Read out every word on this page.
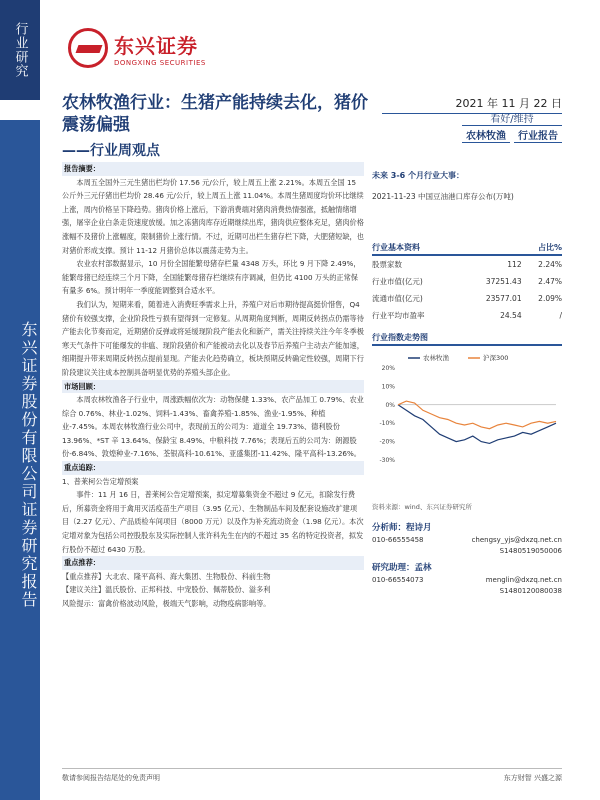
行业研究
东兴证券股份有限公司证券研究报告
东兴证券
DONGXING SECURITIES
农林牧渔行业：生猪产能持续去化，猪价震荡偏强
——行业周观点
2021 年 11 月 22 日
看好/维持
农林牧渔	行业报告
报告摘要：

本周五全国外三元生猪出栏均价 17.56 元/公斤，较上周五上涨 2.21%。本周五全国 15 公斤外三元仔猪出栏均价 28.46 元/公斤，较上周五上涨 11.04%。本周生猪周度均价环比继续上涨，周内价格呈下降趋势。猪肉价格上涨后，下游消费端对猪肉消费热情强涨，抵触情绪增强，屠宰企业白条走货速度放缓。加之冻猪肉库存近期继续出库，猪肉供应整体充足，猪肉价格涨幅不及猪价上涨幅度，限制猪价上涨行情。不过，近期可出栏生猪存栏下降，大肥猪短缺，也对猪价形成支撑。预计 11-12 月猪价总体以震荡走势为主。

农业农村部数据显示，10 月份全国能繁母猪存栏量 4348 万头，环比 9 月下降 2.49%，能繁母猪已经连续三个月下降，全国能繁母猪存栏继续有序调减，但仍比 4100 万头的正常保有量多 6%。预计明年一季度能调整到合适水平。

我们认为，短期来看，随着进入消费旺季需求上升，养殖户对后市期待提高挺价惜售，Q4 猪价有较强支撑，企业阶段性亏损有望得到一定修复。从周期角度判断，周期反转拐点仍需等待产能去化节奏而定，近期猪价反弹或将延缓现阶段产能去化和新产，需关注持续关注今年冬季极寒天气条件下可能爆发的非瘟、现阶段猪价和产能被动去化以及春节后养殖户主动去产能加速，细期提升带来周期反转拐点提前显现。产能去化趋势确立，板块预期反转确定性较强，周期下行阶段建议关注成本控制具备明显优势的养殖头部企业。

市场回顾：

本周农林牧渔各子行业中，周涨跌幅依次为：动物保健 1.33%、农产品加工 0.79%、农业综合 0.76%、林业-1.02%、饲料-1.43%、畜禽养殖-1.85%、渔业-1.95%、种植业-7.45%。本周农林牧渔行业公司中，表现前五的公司为：道道全 19.73%、德利股份 13.96%、*ST 辛 13.64%、保龄宝 8.49%、中粮科技 7.76%；表现后五的公司为：朗源股份-6.84%、敦煌种业-7.16%、荃银高科-10.61%、亚盛集团-11.42%、隆平高科-13.26%。

重点追踪：
1、普莱柯公告定增预案

事件：11 月 16 日，普莱柯公告定增预案，拟定增募集资金不超过 9 亿元，扣除发行费后，所募资金将用于禽用灭活疫苗生产项目（3.95 亿元）、生物制品车间及配套设施改扩建项目（2.27 亿元）、产品质检车间项目（8000 万元）以及作为补充流动资金（1.98 亿元）。本次定增对象为包括公司控股股东及实际控制人张许科先生在内的不超过 35 名的特定投资者，拟发行股份不超过 6430 万股。

重点推荐：
【重点推荐】大北农、隆平高科、海大集团、生物股份、科前生物
【建议关注】温氏股份、正邦科技、中宠股份、佩蒂股份、溢多利
风险提示：富禽价格波动风险，极端天气影响，动物疫病影响等。
未来 3-6 个月行业大事：
2021-11-23 中国豆油港口库存公布(万吨)
行业基本资料	占比%
股票家数	112	2.24%
行业市值(亿元)	37251.43	2.47%
流通市值(亿元)	23577.01	2.09%
行业平均市盈率	24.54	/
行业指数走势图
20%
10%
0%
-10%
-20%
-30%
农林牧渔	沪深300
资料来源：wind、东兴证券研究所
分析师：程诗月
010-66555458	chengsy_yjs@dxzq.net.cn
S1480519050006
研究助理：孟林
010-66554073	menglin@dxzq.net.cn
S1480120080038
敬请参阅报告结尾处的免责声明	东方财智 兴盛之源
